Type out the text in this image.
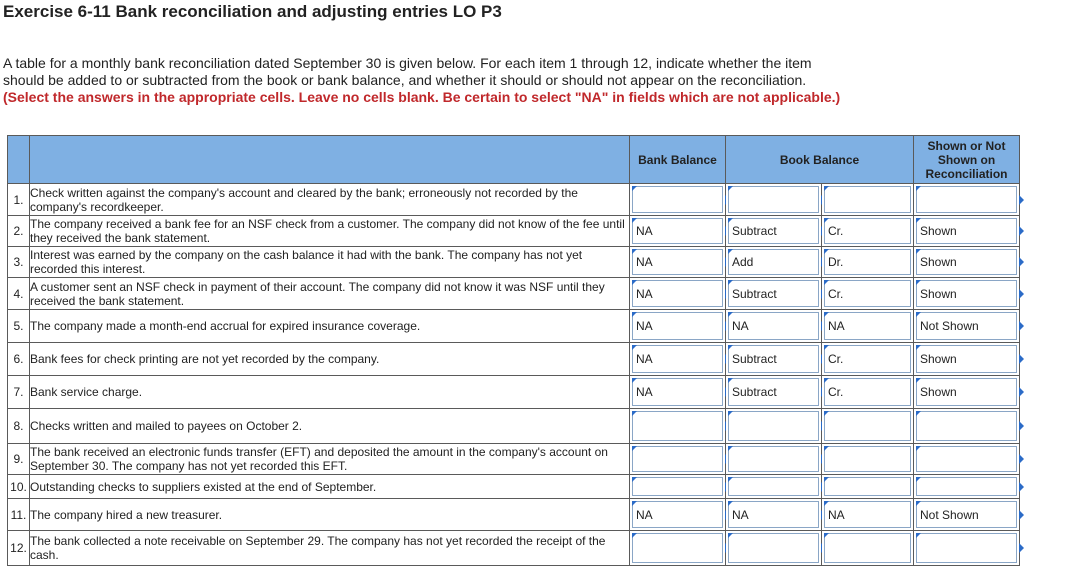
Exercise 6-11 Bank reconciliation and adjusting entries LO P3
A table for a monthly bank reconciliation dated September 30 is given below. For each item 1 through 12, indicate whether the item
should be added to or subtracted from the book or bank balance, and whether it should or should not appear on the reconciliation.
(Select the answers in the appropriate cells. Leave no cells blank. Be certain to select "NA" in fields which are not applicable.)
		Bank Balance	Book Balance		Shown or Not Shown on Reconciliation
1.	Check written against the company's account and cleared by the bank; erroneously not recorded by the company's recordkeeper.	

2.	The company received a bank fee for an NSF check from a customer. The company did not know of the fee until they received the bank statement.	NA	Subtract	Cr.	Shown

3.	Interest was earned by the company on the cash balance it had with the bank. The company has not yet recorded this interest.	NA	Add	Dr.	Shown

4.	A customer sent an NSF check in payment of their account. The company did not know it was NSF until they received the bank statement.	NA	Subtract	Cr.	Shown

5.	The company made a month-end accrual for expired insurance coverage.	NA	NA	NA	Not Shown

6.	Bank fees for check printing are not yet recorded by the company.	NA	Subtract	Cr.	Shown

7.	Bank service charge.	NA	Subtract	Cr.	Shown

8.	Checks written and mailed to payees on October 2.	

9.	The bank received an electronic funds transfer (EFT) and deposited the amount in the company's account on September 30. The company has not yet recorded this EFT.	

10.	Outstanding checks to suppliers existed at the end of September.	

11.	The company hired a new treasurer.	NA	NA	NA	Not Shown

12.	The bank collected a note receivable on September 29. The company has not yet recorded the receipt of the cash.	
